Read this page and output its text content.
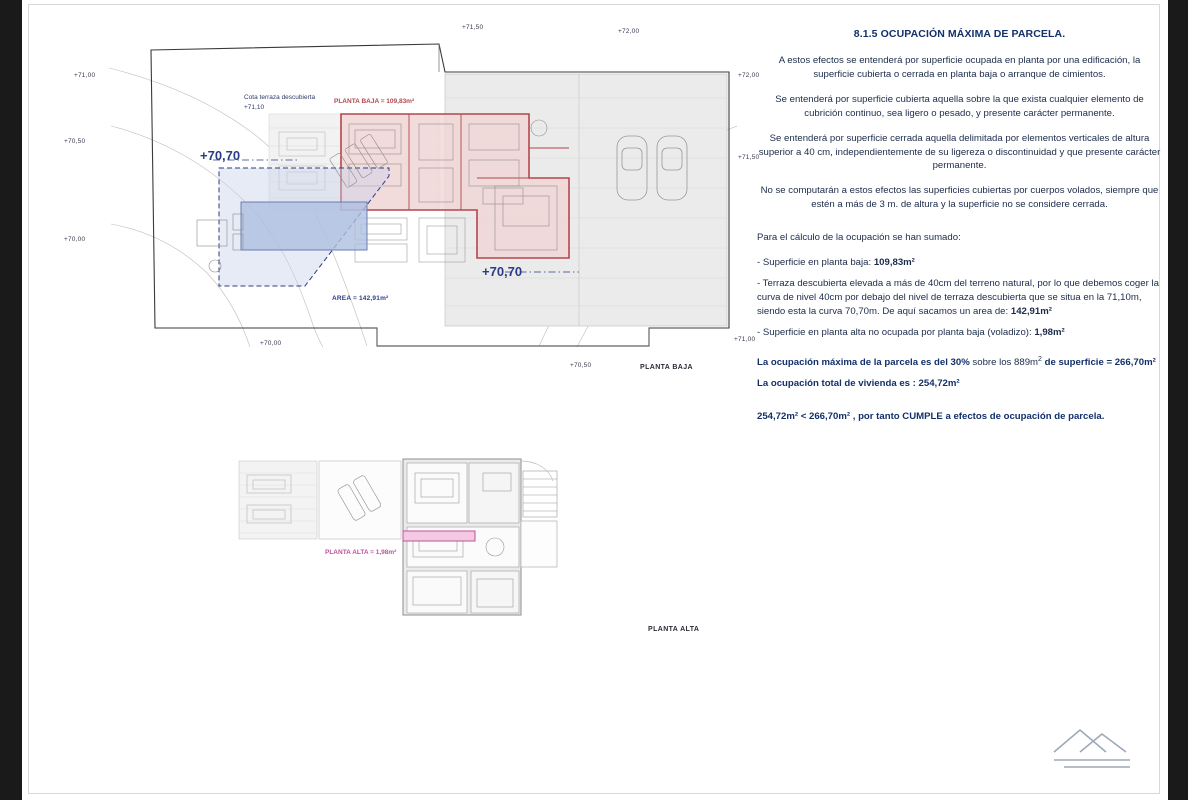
+71,50
+72,00
+72,00
+71,50
+71,00
+71,00
+70,50
+70,00
+70,00
+70,50
+70,70
+70,70
Cota terraza descubierta
+71,10
PLANTA BAJA = 109,83m²
AREA = 142,91m²
PLANTA BAJA
PLANTA ALTA = 1,98m²
PLANTA ALTA
8.1.5 OCUPACIÓN MÁXIMA DE PARCELA.

A estos efectos se entenderá por superficie ocupada en planta por una edificación, la superficie cubierta o cerrada en planta baja o arranque de cimientos.

Se entenderá por superficie cubierta aquella sobre la que exista cualquier elemento de cubrición continuo, sea ligero o pesado, y presente carácter permanente.

Se entenderá por superficie cerrada aquella delimitada por elementos verticales de altura superior a 40 cm, independientemente de su ligereza o discontinuidad y que presente carácter permanente.

No se computarán a estos efectos las superficies cubiertas por cuerpos volados, siempre que estén a más de 3 m. de altura y la superficie no se considere cerrada.

Para el cálculo de la ocupación se han sumado:

- Superficie en planta baja: 109,83m²

- Terraza descubierta elevada a más de 40cm del terreno natural, por lo que debemos coger la curva de nivel 40cm por debajo del nivel de terraza descubierta que se situa en la 71,10m, siendo esta la curva 70,70m. De aquí sacamos un area de: 142,91m²

- Superficie en planta alta no ocupada por planta baja (voladizo): 1,98m²

La ocupación máxima de la parcela es del 30% sobre los $889m^2$ de superficie = 266,70m²

La ocupación total de vivienda es : 254,72m²

254,72m² < 266,70m² , por tanto CUMPLE a efectos de ocupación de parcela.
